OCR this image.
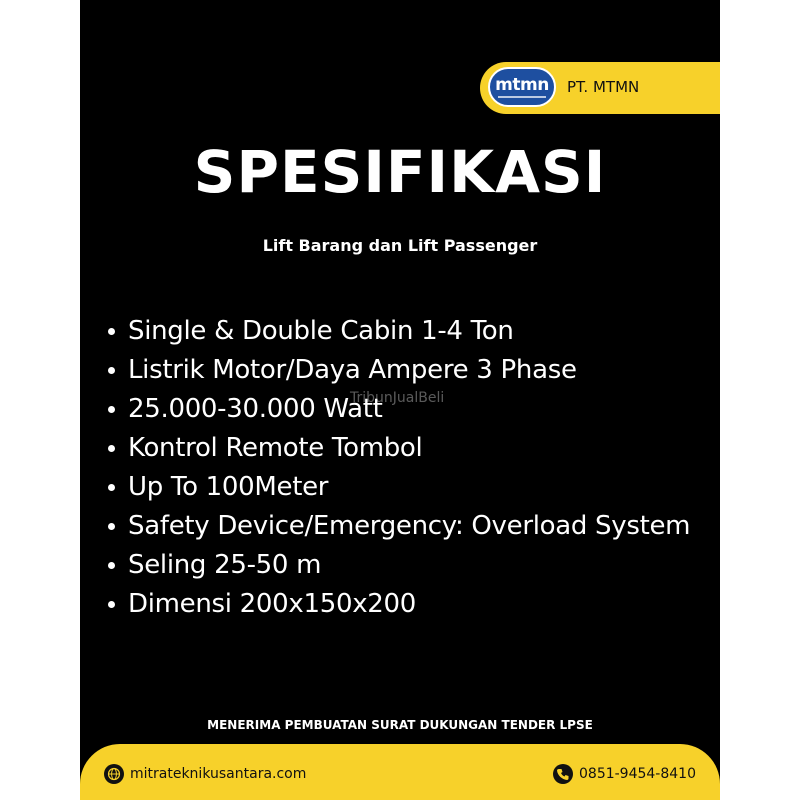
mtmn PT. MTMN
SPESIFIKASI
Lift Barang dan Lift Passenger
Single & Double Cabin 1-4 Ton
Listrik Motor/Daya Ampere 3 Phase
25.000-30.000 Watt
Kontrol Remote Tombol
Up To 100Meter
Safety Device/Emergency: Overload System
Seling 25-50 m
Dimensi 200x150x200
TribunJualBeli
MENERIMA PEMBUATAN SURAT DUKUNGAN TENDER LPSE
mitrateknikusantara.com	0851-9454-8410
